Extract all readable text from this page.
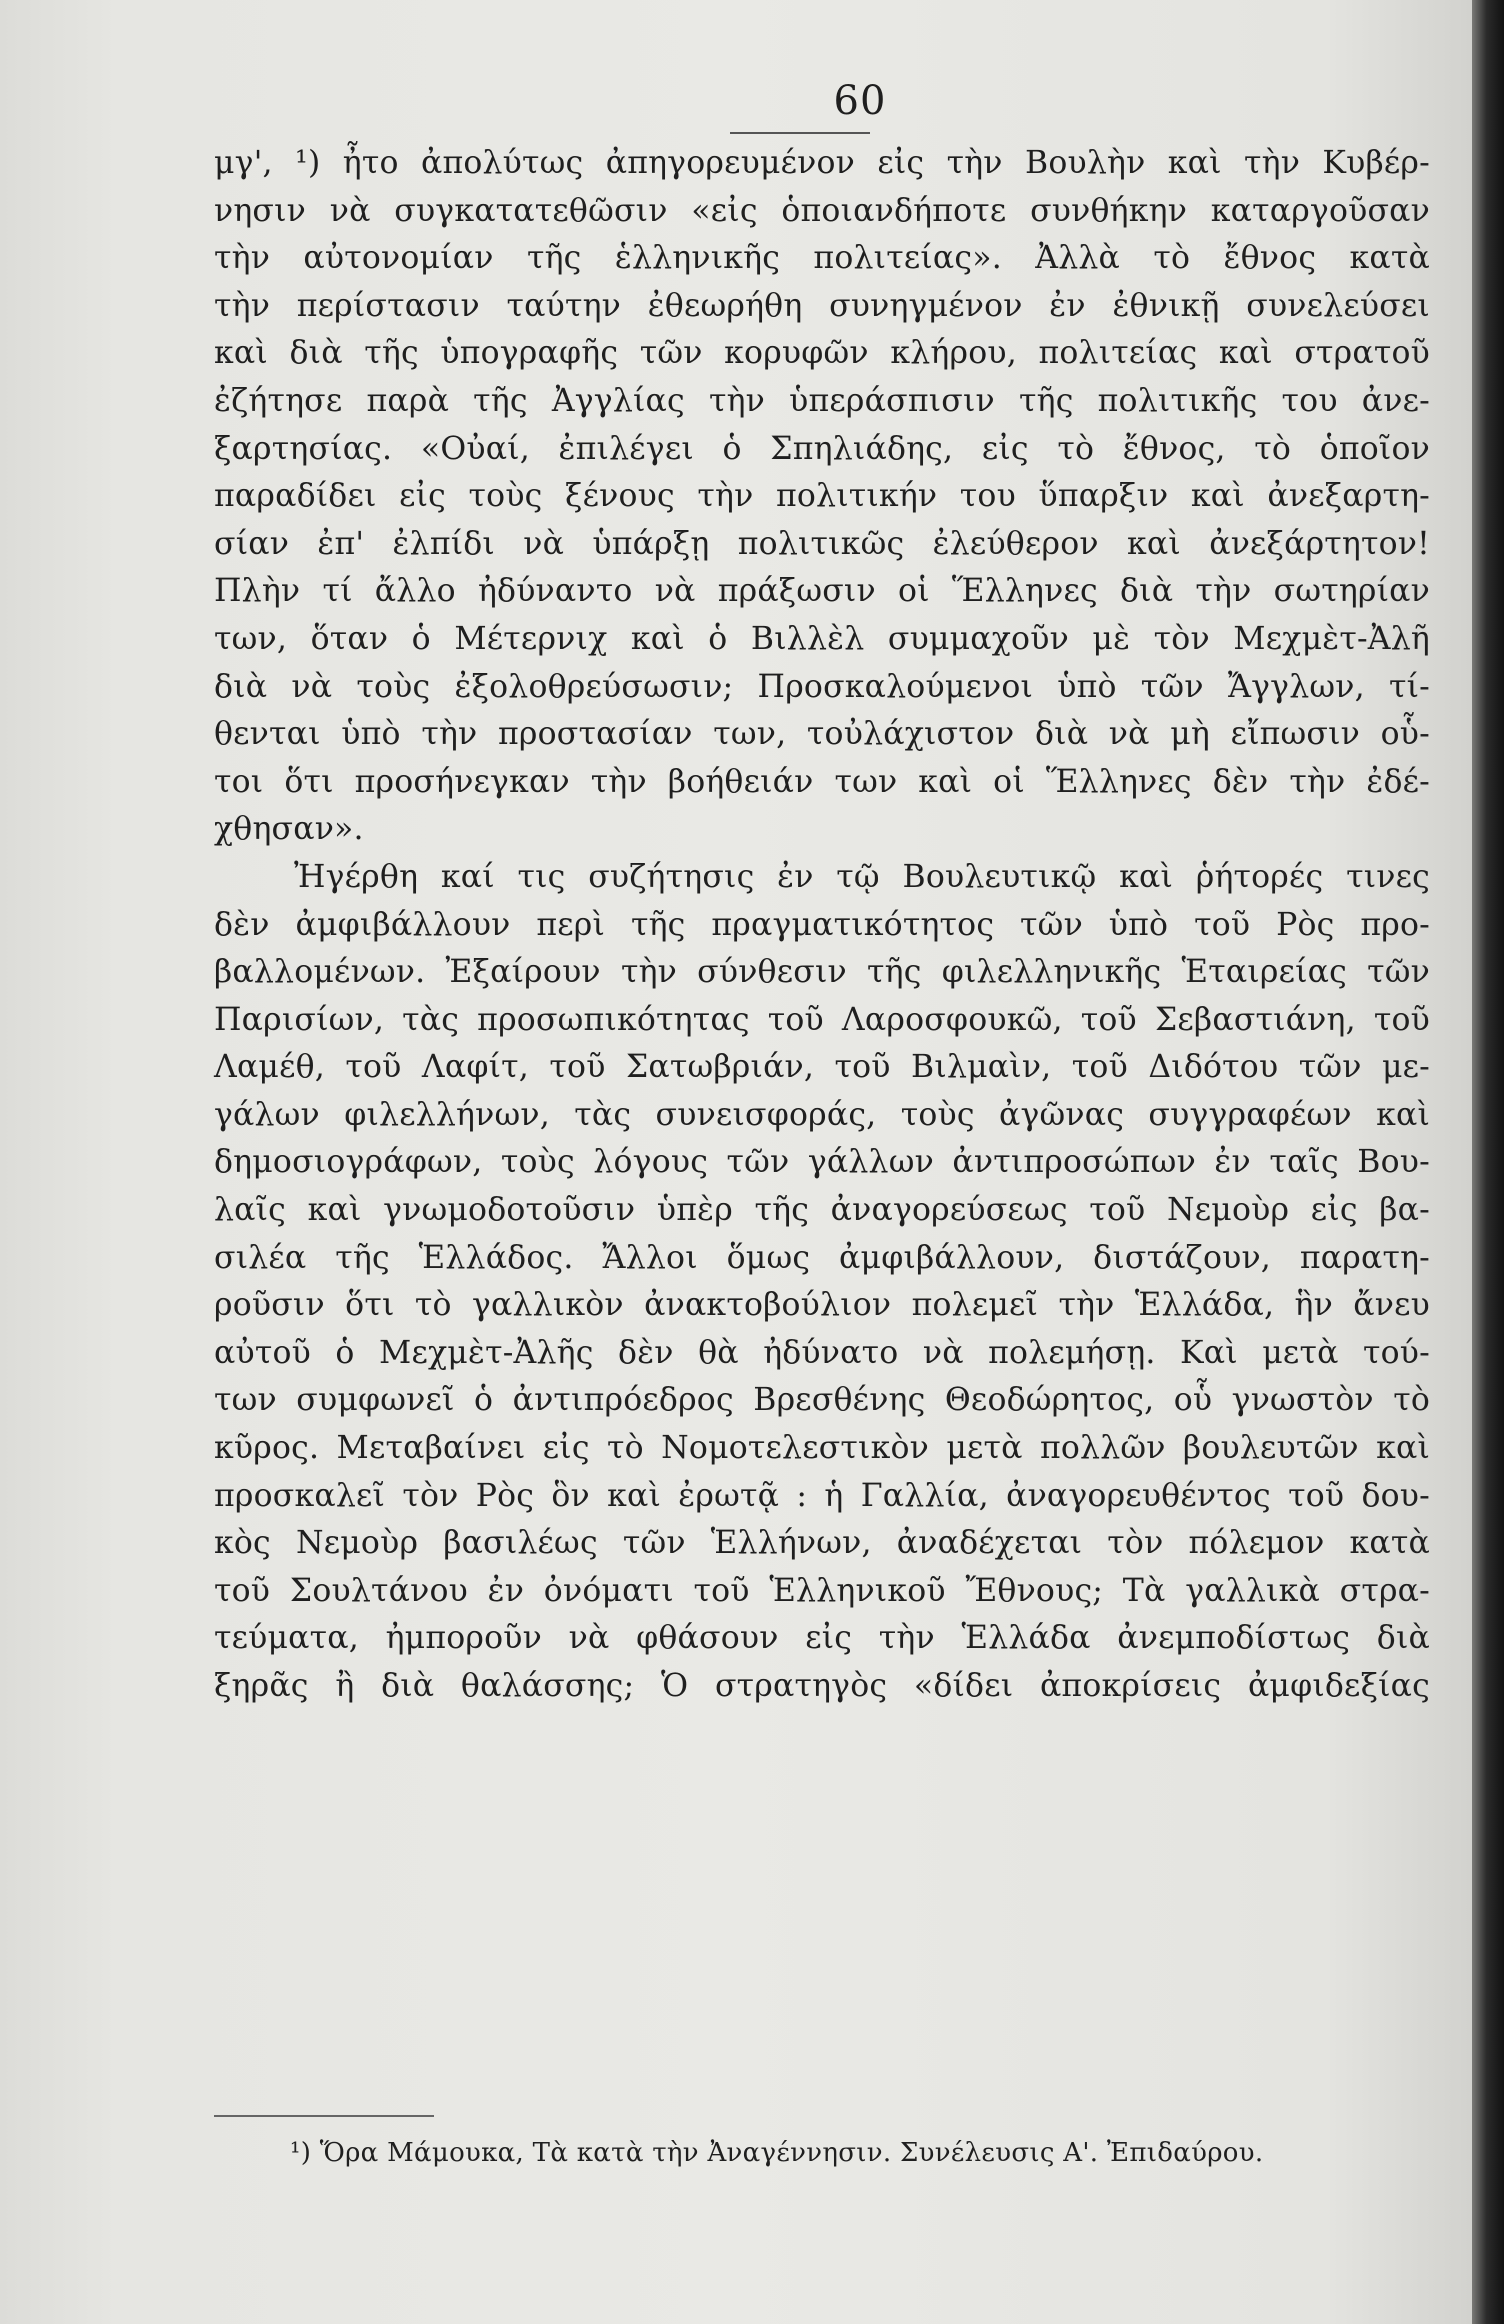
60
μγ', ¹) ἦτο ἀπολύτως ἀπηγορευμένον εἰς τὴν Βουλὴν καὶ τὴν Κυβέρ-
νησιν νὰ συγκατατεθῶσιν «εἰς ὁποιανδήποτε συνθήκην καταργοῦσαν
τὴν αὐτονομίαν τῆς ἑλληνικῆς πολιτείας». Ἀλλὰ τὸ ἔθνος κατὰ
τὴν περίστασιν ταύτην ἐθεωρήθη συνηγμένον ἐν ἐθνικῇ συνελεύσει
καὶ διὰ τῆς ὑπογραφῆς τῶν κορυφῶν κλήρου, πολιτείας καὶ στρατοῦ
ἐζήτησε παρὰ τῆς Ἀγγλίας τὴν ὑπεράσπισιν τῆς πολιτικῆς του ἀνε-
ξαρτησίας. «Οὐαί, ἐπιλέγει ὁ Σπηλιάδης, εἰς τὸ ἔθνος, τὸ ὁποῖον
παραδίδει εἰς τοὺς ξένους τὴν πολιτικήν του ὕπαρξιν καὶ ἀνεξαρτη-
σίαν ἐπ' ἐλπίδι νὰ ὑπάρξῃ πολιτικῶς ἐλεύθερον καὶ ἀνεξάρτητον!
Πλὴν τί ἄλλο ἠδύναντο νὰ πράξωσιν οἱ Ἕλληνες διὰ τὴν σωτηρίαν
των, ὅταν ὁ Μέτερνιχ καὶ ὁ Βιλλὲλ συμμαχοῦν μὲ τὸν Μεχμὲτ-Ἀλῆ
διὰ νὰ τοὺς ἐξολοθρεύσωσιν; Προσκαλούμενοι ὑπὸ τῶν Ἄγγλων, τί-
θενται ὑπὸ τὴν προστασίαν των, τοὐλάχιστον διὰ νὰ μὴ εἴπωσιν οὗ-
τοι ὅτι προσήνεγκαν τὴν βοήθειάν των καὶ οἱ Ἕλληνες δὲν τὴν ἐδέ-
χθησαν».
Ἠγέρθη καί τις συζήτησις ἐν τῷ Βουλευτικῷ καὶ ῥήτορές τινες
δὲν ἀμφιβάλλουν περὶ τῆς πραγματικότητος τῶν ὑπὸ τοῦ Ρὸς προ-
βαλλομένων. Ἐξαίρουν τὴν σύνθεσιν τῆς φιλελληνικῆς Ἑταιρείας τῶν
Παρισίων, τὰς προσωπικότητας τοῦ Λαροσφουκῶ, τοῦ Σεβαστιάνη, τοῦ
Λαμέθ, τοῦ Λαφίτ, τοῦ Σατωβριάν, τοῦ Βιλμαὶν, τοῦ Διδότου τῶν με-
γάλων φιλελλήνων, τὰς συνεισφοράς, τοὺς ἀγῶνας συγγραφέων καὶ
δημοσιογράφων, τοὺς λόγους τῶν γάλλων ἀντιπροσώπων ἐν ταῖς Βου-
λαῖς καὶ γνωμοδοτοῦσιν ὑπὲρ τῆς ἀναγορεύσεως τοῦ Νεμοὺρ εἰς βα-
σιλέα τῆς Ἑλλάδος. Ἄλλοι ὅμως ἀμφιβάλλουν, διστάζουν, παρατη-
ροῦσιν ὅτι τὸ γαλλικὸν ἀνακτοβούλιον πολεμεῖ τὴν Ἑλλάδα, ἣν ἄνευ
αὐτοῦ ὁ Μεχμὲτ-Ἀλῆς δὲν θὰ ἠδύνατο νὰ πολεμήσῃ. Καὶ μετὰ τού-
των συμφωνεῖ ὁ ἀντιπρόεδρος Βρεσθένης Θεοδώρητος, οὗ γνωστὸν τὸ
κῦρος. Μεταβαίνει εἰς τὸ Νομοτελεστικὸν μετὰ πολλῶν βουλευτῶν καὶ
προσκαλεῖ τὸν Ρὸς ὃν καὶ ἐρωτᾷ : ἡ Γαλλία, ἀναγορευθέντος τοῦ δου-
κὸς Νεμοὺρ βασιλέως τῶν Ἑλλήνων, ἀναδέχεται τὸν πόλεμον κατὰ
τοῦ Σουλτάνου ἐν ὀνόματι τοῦ Ἑλληνικοῦ Ἔθνους; Τὰ γαλλικὰ στρα-
τεύματα, ἠμποροῦν νὰ φθάσουν εἰς τὴν Ἑλλάδα ἀνεμποδίστως διὰ
ξηρᾶς ἢ διὰ θαλάσσης; Ὁ στρατηγὸς «δίδει ἀποκρίσεις ἀμφιδεξίας
¹) Ὅρα Μάμουκα, Τὰ κατὰ τὴν Ἀναγέννησιν. Συνέλευσις Α'. Ἐπιδαύρου.
